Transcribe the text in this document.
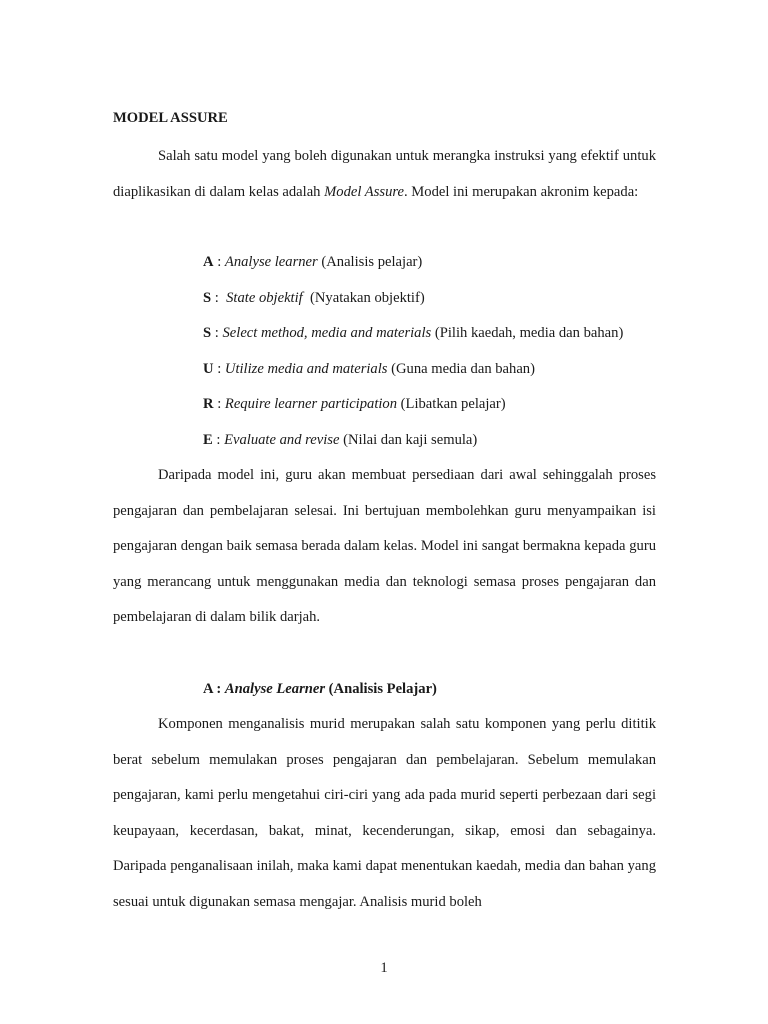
MODEL ASSURE
Salah satu model yang boleh digunakan untuk merangka instruksi yang efektif untuk diaplikasikan di dalam kelas adalah Model Assure. Model ini merupakan akronim kepada:
A : Analyse learner (Analisis pelajar)
S :  State objektif  (Nyatakan objektif)
S : Select method, media and materials (Pilih kaedah, media dan bahan)
U : Utilize media and materials (Guna media dan bahan)
R : Require learner participation (Libatkan pelajar)
E : Evaluate and revise (Nilai dan kaji semula)
Daripada model ini, guru akan membuat persediaan dari awal sehinggalah proses pengajaran dan pembelajaran selesai. Ini bertujuan membolehkan guru menyampaikan isi pengajaran dengan baik semasa berada dalam kelas. Model ini sangat bermakna kepada guru yang merancang untuk menggunakan media dan teknologi semasa proses pengajaran dan pembelajaran di dalam bilik darjah.
A : Analyse Learner (Analisis Pelajar)
Komponen menganalisis murid merupakan salah satu komponen yang perlu dititik berat sebelum memulakan proses pengajaran dan pembelajaran. Sebelum memulakan pengajaran, kami perlu mengetahui ciri-ciri yang ada pada murid seperti perbezaan dari segi keupayaan, kecerdasan, bakat, minat, kecenderungan, sikap, emosi dan sebagainya. Daripada penganalisaan inilah, maka kami dapat menentukan kaedah, media dan bahan yang sesuai untuk digunakan semasa mengajar. Analisis murid boleh
1
